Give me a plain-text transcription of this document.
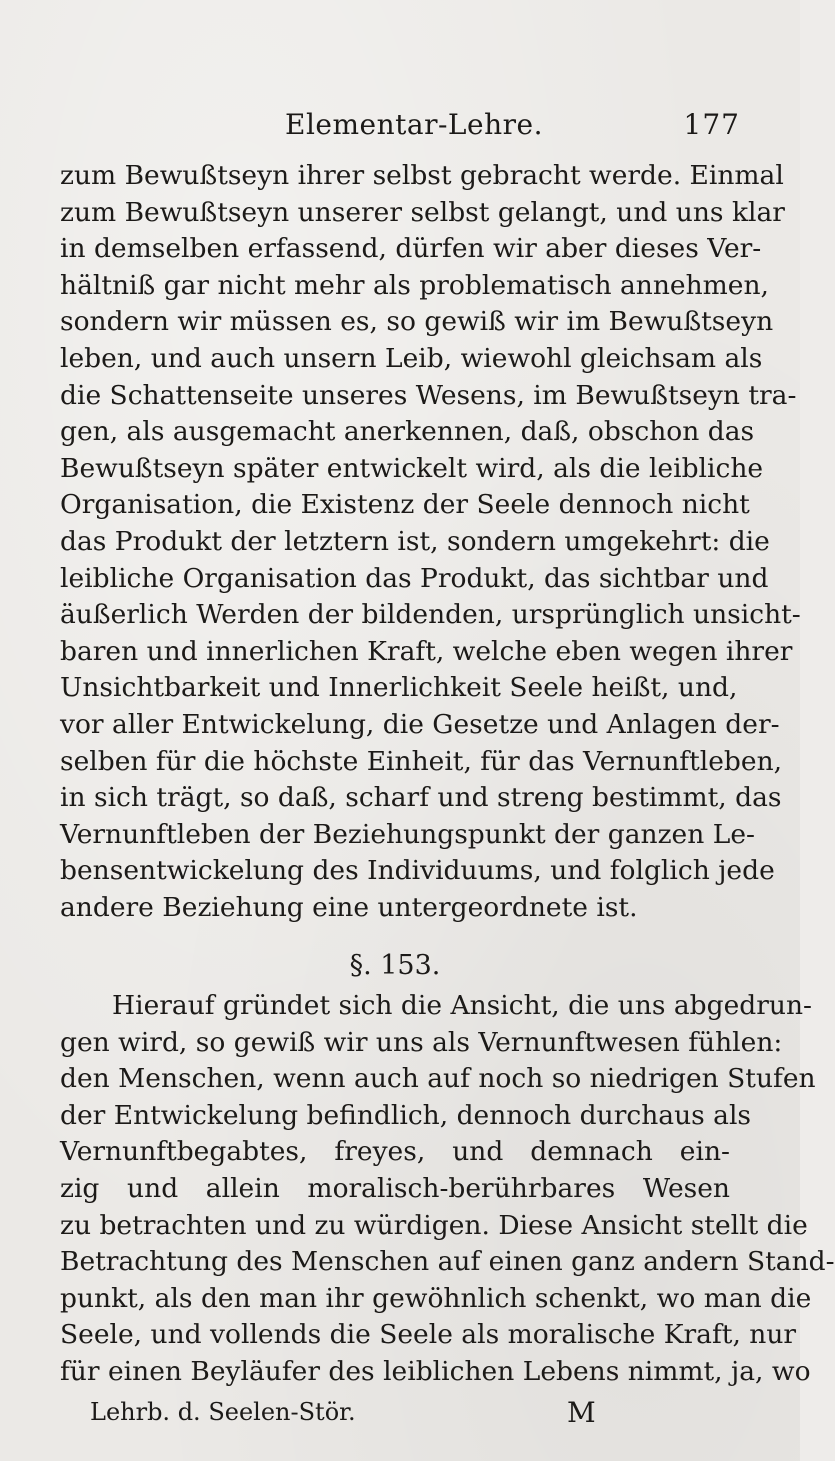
Elementar-Lehre.	177
zum Bewußtseyn ihrer selbst gebracht werde. Einmal
zum Bewußtseyn unserer selbst gelangt, und uns klar
in demselben erfassend, dürfen wir aber dieses Ver-
hältniß gar nicht mehr als problematisch annehmen,
sondern wir müssen es, so gewiß wir im Bewußtseyn
leben, und auch unsern Leib, wiewohl gleichsam als
die Schattenseite unseres Wesens, im Bewußtseyn tra-
gen, als ausgemacht anerkennen, daß, obschon das
Bewußtseyn später entwickelt wird, als die leibliche
Organisation, die Existenz der Seele dennoch nicht
das Produkt der letztern ist, sondern umgekehrt: die
leibliche Organisation das Produkt, das sichtbar und
äußerlich Werden der bildenden, ursprünglich unsicht-
baren und innerlichen Kraft, welche eben wegen ihrer
Unsichtbarkeit und Innerlichkeit Seele heißt, und,
vor aller Entwickelung, die Gesetze und Anlagen der-
selben für die höchste Einheit, für das Vernunftleben,
in sich trägt, so daß, scharf und streng bestimmt, das
Vernunftleben der Beziehungspunkt der ganzen Le-
bensentwickelung des Individuums, und folglich jede
andere Beziehung eine untergeordnete ist.
§. 153.
Hierauf gründet sich die Ansicht, die uns abgedrun-
gen wird, so gewiß wir uns als Vernunftwesen fühlen:
den Menschen, wenn auch auf noch so niedrigen Stufen
der Entwickelung befindlich, dennoch durchaus als
Vernunftbegabtes, freyes, und demnach ein-
zig und allein moralisch-berührbares Wesen
zu betrachten und zu würdigen. Diese Ansicht stellt die
Betrachtung des Menschen auf einen ganz andern Stand-
punkt, als den man ihr gewöhnlich schenkt, wo man die
Seele, und vollends die Seele als moralische Kraft, nur
für einen Beyläufer des leiblichen Lebens nimmt, ja, wo
Lehrb. d. Seelen-Stör.	M
